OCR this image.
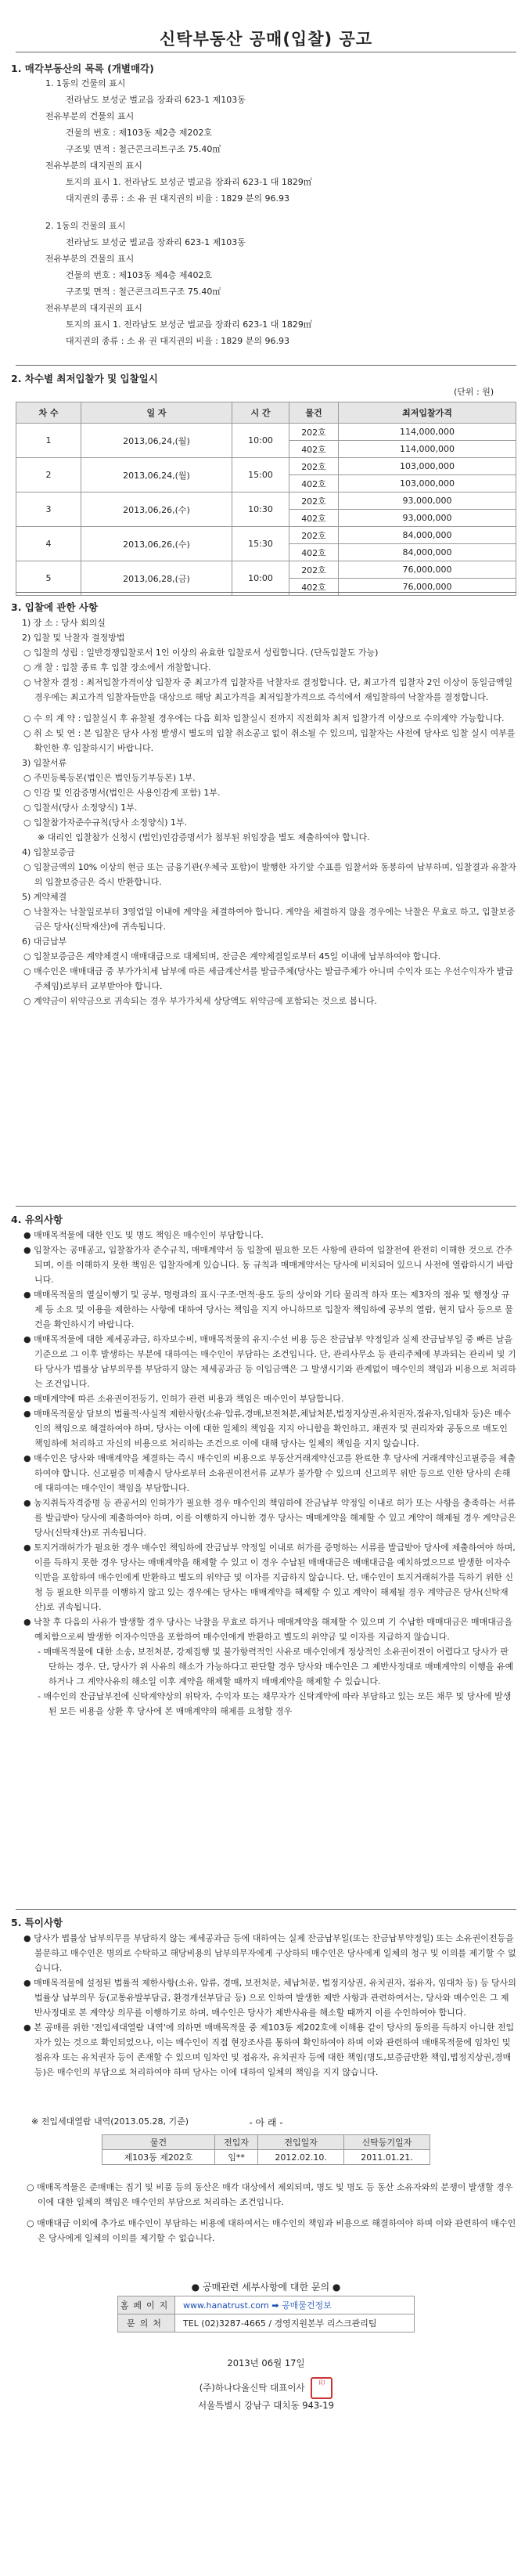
신탁부동산 공매(입찰) 공고
1. 매각부동산의 목록 (개별매각)
1. 1동의 건물의 표시
전라남도 보성군 벌교읍 장좌리 623-1 제103동
전유부분의 건물의 표시
건물의 번호 : 제103동 제2층 제202호
구조및 면적 : 철근콘크리트구조 75.40㎡
전유부분의 대지권의 표시
토지의 표시 1. 전라남도 보성군 벌교읍 장좌리 623-1 대 1829㎡
대지권의 종류 : 소 유 권 대지권의 비율 : 1829 분의 96.93
2. 1동의 건물의 표시
전라남도 보성군 벌교읍 장좌리 623-1 제103동
전유부분의 건물의 표시
건물의 번호 : 제103동 제4층 제402호
구조및 면적 : 철근콘크리트구조 75.40㎡
전유부분의 대지권의 표시
토지의 표시 1. 전라남도 보성군 벌교읍 장좌리 623-1 대 1829㎡
대지권의 종류 : 소 유 권 대지권의 비율 : 1829 분의 96.93
2. 차수별 최저입찰가 및 입찰일시
(단위 : 원)
차 수	일 자	시 간	물건	최저입찰가격
1	2013,06,24,(월)	10:00	202호	114,000,000
			402호	114,000,000
2	2013,06,24,(월)	15:00	202호	103,000,000
			402호	103,000,000
3	2013,06,26,(수)	10:30	202호	93,000,000
			402호	93,000,000
4	2013,06,26,(수)	15:30	202호	84,000,000
			402호	84,000,000
5	2013,06,28,(금)	10:00	202호	76,000,000
			402호	76,000,000
3. 입찰에 관한 사항
1) 장 소 : 당사 회의실
2) 입찰 및 낙찰자 결정방법
○ 입찰의 성립 : 일반경쟁입찰로서 1인 이상의 유효한 입찰로서 성립합니다. (단독입찰도 가능)
○ 개 찰 : 입찰 종료 후 입찰 장소에서 개찰합니다.
○ 낙찰자 결정 : 최저입찰가격이상 입찰자 중 최고가격 입찰자를 낙찰자로 결정합니다. 단, 최고가격 입찰자 2인 이상이 동일금액일 경우에는 최고가격 입찰자들만을 대상으로 해당 최고가격을 최저입찰가격으로 즉석에서 재입찰하여 낙찰자를 결정합니다.
○ 수 의 계 약 : 입찰실시 후 유찰될 경우에는 다음 회차 입찰실시 전까지 직전회차 최저 입찰가격 이상으로 수의계약 가능합니다.
○ 취 소 및 연 : 본 입찰은 당사 사정 발생시 별도의 입찰 취소공고 없이 취소될 수 있으며, 입찰자는 사전에 당사로 입찰 실시 여부를 확인한 후 입찰하시기 바랍니다.
3) 입찰서류
○ 주민등록등본(법인은 법인등기부등본) 1부.
○ 인감 및 인감증명서(법인은 사용인감계 포함) 1부.
○ 입찰서(당사 소정양식) 1부.
○ 입찰참가자준수규칙(당사 소정양식) 1부.
※ 대리인 입찰참가 신청시 (법인)인감증명서가 첨부된 위임장을 별도 제출하여야 합니다.
4) 입찰보증금
○ 입찰금액의 10% 이상의 현금 또는 금융기관(우체국 포함)이 발행한 자기앞 수표를 입찰서와 동봉하여 납부하며, 입찰결과 유찰자의 입찰보증금은 즉시 반환합니다.
5) 계약체결
○ 낙찰자는 낙찰일로부터 3영업일 이내에 계약을 체결하여야 합니다. 계약을 체결하지 않을 경우에는 낙찰은 무효로 하고, 입찰보증금은 당사(신탁재산)에 귀속됩니다.
6) 대금납부
○ 입찰보증금은 계약체결시 매매대금으로 대체되며, 잔금은 계약체결일로부터 45일 이내에 납부하여야 합니다.
○ 매수인은 매매대금 중 부가가치세 납부에 따른 세금계산서를 발급주체(당사는 발급주체가 아니며 수익자 또는 우선수익자가 발급주체임)로부터 교부받아야 합니다.
○ 계약금이 위약금으로 귀속되는 경우 부가가치세 상당액도 위약금에 포함되는 것으로 봅니다.
4. 유의사항
● 매매목적물에 대한 인도 및 명도 책임은 매수인이 부담합니다.
● 입찰자는 공매공고, 입찰참가자 준수규칙, 매매계약서 등 입찰에 필요한 모든 사항에 관하여 입찰전에 완전히 이해한 것으로 간주되며, 이를 이해하지 못한 책임은 입찰자에게 있습니다. 동 규칙과 매매계약서는 당사에 비치되어 있으니 사전에 열람하시기 바랍니다.
● 매매목적물의 열실이행기 및 공부, 명령과의 표시·구조·면적·용도 등의 상이와 기타 물리적 하자 또는 제3자의 점유 및 행정상 규제 등 소요 및 이용을 제한하는 사항에 대하여 당사는 책임을 지지 아니하므로 입찰자 책임하에 공부의 열람, 현지 답사 등으로 물건을 확인하시기 바랍니다.
● 매매목적물에 대한 제세공과금, 하자보수비, 매매목적물의 유지·수선 비용 등은 잔금납부 약정일과 실제 잔금납부일 중 빠른 날을 기준으로 그 이후 발생하는 부분에 대하여는 매수인이 부담하는 조건입니다. 단, 관리사무소 등 관리주체에 부과되는 관리비 및 기타 당사가 법률상 납부의무를 부담하지 않는 제세공과금 등 이입금액은 그 발생시기와 관계없이 매수인의 책임과 비용으로 처리하는 조건입니다.
● 매매계약에 따른 소유권이전등기, 인허가 관련 비용과 책임은 매수인이 부담합니다.
● 매매목적물상 담보의 법률적·사실적 제한사항(소유·압류,경매,보전처분,체납처분,법정지상권,유치권자,점유자,임대차 등)은 매수인의 책임으로 해결하여야 하며, 당사는 이에 대한 일체의 책임을 지지 아니함을 확인하고, 채권자 및 권리자와 공동으로 매도인 책임하에 처리하고 자신의 비용으로 처리하는 조건으로 이에 대해 당사는 일체의 책임을 지지 않습니다.
● 매수인은 당사와 매매계약을 체결하는 즉시 매수인의 비용으로 부동산거래계약신고를 완료한 후 당사에 거래계약신고필증을 제출하여야 합니다. 신고필증 미제출시 당사로부터 소유권이전서류 교부가 불가할 수 있으며 신고의무 위반 등으로 인한 당사의 손해에 대하여는 매수인이 책임을 부담합니다.
● 농지취득자격증명 등 관공서의 인허가가 필요한 경우 매수인의 책임하에 잔금납부 약정일 이내로 허가 또는 사항을 충족하는 서류를 발급받아 당사에 제출하여야 하며, 이를 이행하지 아니한 경우 당사는 매매계약을 해제할 수 있고 계약이 해제될 경우 계약금은 당사(신탁재산)로 귀속됩니다.
● 토지거래허가가 필요한 경우 매수인 책임하에 잔금납부 약정일 이내로 허가를 증명하는 서류를 발급받아 당사에 제출하여야 하며, 이를 득하지 못한 경우 당사는 매매계약을 해제할 수 있고 이 경우 수납된 매매대금은 매매대금을 예치하였으므로 발생한 이자수익만을 포함하여 매수인에게 반환하고 별도의 위약금 및 이자를 지급하지 않습니다. 단, 매수인이 토지거래허가를 득하기 위한 신청 등 필요한 의무를 이행하지 않고 있는 경우에는 당사는 매매계약을 해제할 수 있고 계약이 해제될 경우 계약금은 당사(신탁재산)로 귀속됩니다.
● 낙찰 후 다음의 사유가 발생할 경우 당사는 낙찰을 무효로 하거나 매매계약을 해제할 수 있으며 기 수납한 매매대금은 매매대금을 예치함으로써 발생한 이자수익만을 포함하여 매수인에게 반환하고 별도의 위약금 및 이자를 지급하지 않습니다.
- 매매목적물에 대한 소송, 보전처분, 강제집행 및 불가항력적인 사유로 매수인에게 정상적인 소유권이전이 어렵다고 당사가 판단하는 경우. 단, 당사가 위 사유의 해소가 가능하다고 판단할 경우 당사와 매수인은 그 제반사정대로 매매계약의 이행을 유예하거나 그 계약사유의 해소일 이후 계약을 해제할 때까지 매매계약을 해제할 수 있습니다.
- 매수인의 잔금납부전에 신탁계약상의 위탁자, 수익자 또는 채무자가 신탁계약에 따라 부담하고 있는 모든 채무 및 당사에 발생된 모든 비용을 상환 후 당사에 본 매매계약의 해제를 요청할 경우
5. 특이사항
● 당사가 법률상 납부의무를 부담하지 않는 제세공과금 등에 대하여는 실제 잔금납부일(또는 잔금납부약정일) 또는 소유권이전등을 불문하고 매수인은 명의로 수탁하고 해당비용의 납부의무자에게 구상하되 매수인은 당사에게 일체의 청구 및 이의를 제기할 수 없습니다.
● 매매목적물에 설정된 법률적 제한사항(소유, 압류, 경매, 보전처분, 체납처분, 법정지상권, 유치권자, 점유자, 임대차 등) 등 당사의 법률상 납부의무 등(교통유발부담금, 환경개선부담금 등) 으로 인하여 발생한 제반 사항과 관련하여서는, 당사와 매수인은 그 제반사정대로 본 계약상 의무를 이행하기로 하며, 매수인은 당사가 제반사유를 해소할 때까지 이를 수인하여야 합니다.
● 본 공매를 위한 '전입세대열람 내역'에 의하면 매매목적물 중 제103동 제202호에 이해용 같이 당사의 동의를 득하지 아니한 전입자가 있는 것으로 확인되었으나, 이는 매수인이 직접 현장조사를 통하여 확인하여야 하며 이와 관련하여 매매목적물에 임차인 및 점유자 또는 유치권자 등이 존재할 수 있으며 임차인 및 점유자, 유치권자 등에 대한 책임(명도,보증금반환 책임,법정지상권,경매 등)은 매수인의 부담으로 처리하여야 하며 당사는 이에 대하여 일체의 책임을 지지 않습니다.
- 아 래 -
※ 전입세대열람 내역(2013.05.28, 기준)
물건	전입자	전입일자	신탁등기일자
제103동 제202호	임**	2012.02.10.	2011.01.21.
○ 매매목적물은 준매매는 집기 및 비품 등의 동산은 매각 대상에서 제외되며, 명도 및 명도 등 동산 소유자와의 분쟁이 발생할 경우 이에 대한 일체의 책임은 매수인의 부담으로 처리하는 조건입니다.
○ 매매대금 이외에 추가로 매수인이 부담하는 비용에 대하여서는 매수인의 책임과 비용으로 해결하여야 하며 이와 관련하여 매수인은 당사에게 일체의 이의를 제기할 수 없습니다.
● 공매관련 세부사항에 대한 문의 ●
홈페이지	www.hanatrust.com ➡ 공매물건정보
문의처	TEL (02)3287-4665 / 경영지원본부 리스크관리팀
2013년 06월 17일
(주)하나다올신탁 대표이사 印
서울특별시 강남구 대치동 943-19
